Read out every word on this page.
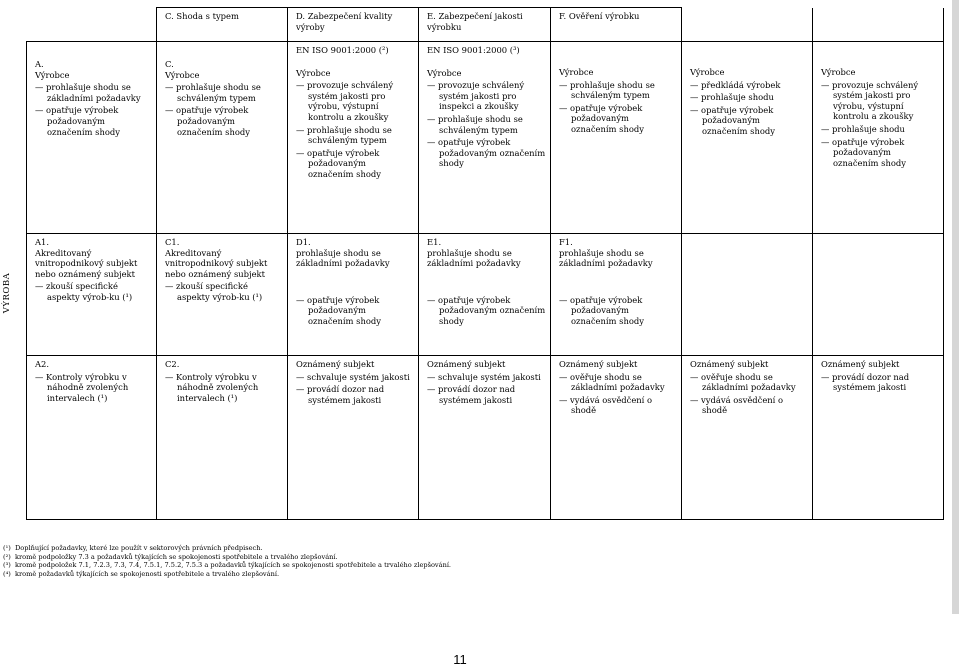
VÝROBA
	C. Shoda s typem	D. Zabezpečení kvality výroby	E. Zabezpečení jakosti výrobku	F. Ověření výrobku		

A.
Výrobce
— prohlašuje shodu se základními požadavky
— opatřuje výrobek požadovaným označením shody	C.
Výrobce
— prohlašuje shodu se schváleným typem
— opatřuje výrobek požadovaným označením shody	EN ISO 9001:2000 (²)
Výrobce
— provozuje schválený systém jakosti pro výrobu, výstupní kontrolu a zkoušky
— prohlašuje shodu se schváleným typem
— opatřuje výrobek požadovaným označením shody	EN ISO 9001:2000 (³)
Výrobce
— provozuje schválený systém jakosti pro inspekci a zkoušky
— prohlašuje shodu se schváleným typem
— opatřuje výrobek požadovaným označením shody	Výrobce
— prohlašuje shodu se schváleným typem
— opatřuje výrobek požadovaným označením shody	Výrobce
— předkládá výrobek
— prohlašuje shodu
— opatřuje výrobek požadovaným označením shody	Výrobce
— provozuje schválený systém jakosti pro výrobu, výstupní kontrolu a zkoušky
— prohlašuje shodu
— opatřuje výrobek požadovaným označením shody

A1.
Akreditovaný vnitropodnikový subjekt nebo oznámený subjekt
— zkouší specifické aspekty výrob-ku (¹)	C1.
Akreditovaný vnitropodnikový subjekt nebo oznámený subjekt
— zkouší specifické aspekty výrob-ku (¹)	D1.
prohlašuje shodu se základními požadavky
— opatřuje výrobek požadovaným označením shody	E1.
prohlašuje shodu se základními požadavky
— opatřuje výrobek požadovaným označením shody	F1.
prohlašuje shodu se základními požadavky
— opatřuje výrobek požadovaným označením shody		

A2.
— Kontroly výrobku v náhodně zvolených intervalech (¹)	C2.
— Kontroly výrobku v náhodně zvolených intervalech (¹)	Oznámený subjekt
— schvaluje systém jakosti
— provádí dozor nad systémem jakosti	Oznámený subjekt
— schvaluje systém jakosti
— provádí dozor nad systémem jakosti	Oznámený subjekt
— ověřuje shodu se základními požadavky
— vydává osvědčení o shodě	Oznámený subjekt
— ověřuje shodu se základními požadavky
— vydává osvědčení o shodě	Oznámený subjekt
— provádí dozor nad systémem jakosti
(¹) Doplňující požadavky, které lze použít v sektorových právních předpisech.
(²) kromě podpoložky 7.3 a požadavků týkajících se spokojenosti spotřebitele a trvalého zlepšování.
(³) kromě podpoložek 7.1, 7.2.3, 7.3, 7.4, 7.5.1, 7.5.2, 7.5.3 a požadavků týkajících se spokojenosti spotřebitele a trvalého zlepšování.
(⁴) kromě požadavků týkajících se spokojenosti spotřebitele a trvalého zlepšování.
11
